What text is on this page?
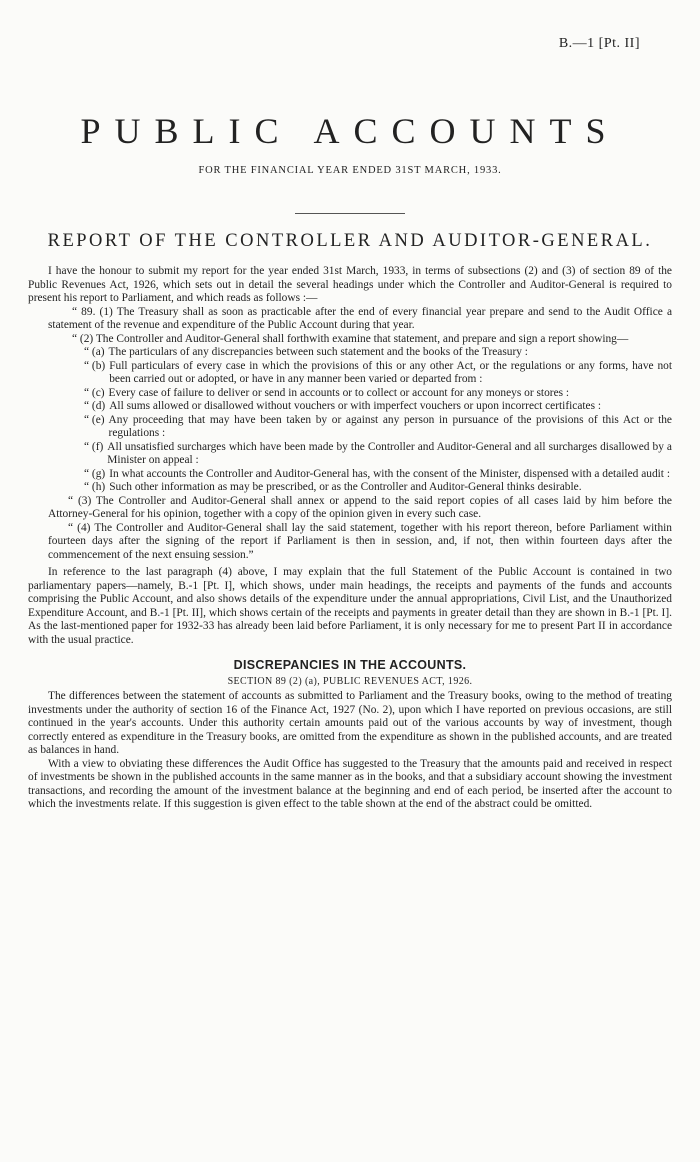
B.—1 [Pt. II]
PUBLIC ACCOUNTS
FOR THE FINANCIAL YEAR ENDED 31ST MARCH, 1933.
REPORT OF THE CONTROLLER AND AUDITOR-GENERAL.

I have the honour to submit my report for the year ended 31st March, 1933, in terms of subsections (2) and (3) of section 89 of the Public Revenues Act, 1926, which sets out in detail the several headings under which the Controller and Auditor-General is required to present his report to Parliament, and which reads as follows :—

“ 89. (1) The Treasury shall as soon as practicable after the end of every financial year prepare and send to the Audit Office a statement of the revenue and expenditure of the Public Account during that year.

“ (2) The Controller and Auditor-General shall forthwith examine that statement, and prepare and sign a report showing—

“ (a) The particulars of any discrepancies between such statement and the books of the Treasury :
“ (b) Full particulars of every case in which the provisions of this or any other Act, or the regulations or any forms, have not been carried out or adopted, or have in any manner been varied or departed from :
“ (c) Every case of failure to deliver or send in accounts or to collect or account for any moneys or stores :
“ (d) All sums allowed or disallowed without vouchers or with imperfect vouchers or upon incorrect certificates :
“ (e) Any proceeding that may have been taken by or against any person in pursuance of the provisions of this Act or the regulations :
“ (f) All unsatisfied surcharges which have been made by the Controller and Auditor-General and all surcharges disallowed by a Minister on appeal :
“ (g) In what accounts the Controller and Auditor-General has, with the consent of the Minister, dispensed with a detailed audit :
“ (h) Such other information as may be prescribed, or as the Controller and Auditor-General thinks desirable.

“ (3) The Controller and Auditor-General shall annex or append to the said report copies of all cases laid by him before the Attorney-General for his opinion, together with a copy of the opinion given in every such case.

“ (4) The Controller and Auditor-General shall lay the said statement, together with his report thereon, before Parliament within fourteen days after the signing of the report if Parliament is then in session, and, if not, then within fourteen days after the commencement of the next ensuing session.”

In reference to the last paragraph (4) above, I may explain that the full Statement of the Public Account is contained in two parliamentary papers—namely, B.-1 [Pt. I], which shows, under main headings, the receipts and payments of the funds and accounts comprising the Public Account, and also shows details of the expenditure under the annual appropriations, Civil List, and the Unauthorized Expenditure Account, and B.-1 [Pt. II], which shows certain of the receipts and payments in greater detail than they are shown in B.-1 [Pt. I]. As the last-mentioned paper for 1932-33 has already been laid before Parliament, it is only necessary for me to present Part II in accordance with the usual practice.

DISCREPANCIES IN THE ACCOUNTS.

SECTION 89 (2) (a), PUBLIC REVENUES ACT, 1926.

The differences between the statement of accounts as submitted to Parliament and the Treasury books, owing to the method of treating investments under the authority of section 16 of the Finance Act, 1927 (No. 2), upon which I have reported on previous occasions, are still continued in the year's accounts. Under this authority certain amounts paid out of the various accounts by way of investment, though correctly entered as expenditure in the Treasury books, are omitted from the expenditure as shown in the published accounts, and are treated as balances in hand.

With a view to obviating these differences the Audit Office has suggested to the Treasury that the amounts paid and received in respect of investments be shown in the published accounts in the same manner as in the books, and that a subsidiary account showing the investment transactions, and recording the amount of the investment balance at the beginning and end of each period, be inserted after the account to which the investments relate. If this suggestion is given effect to the table shown at the end of the abstract could be omitted.
